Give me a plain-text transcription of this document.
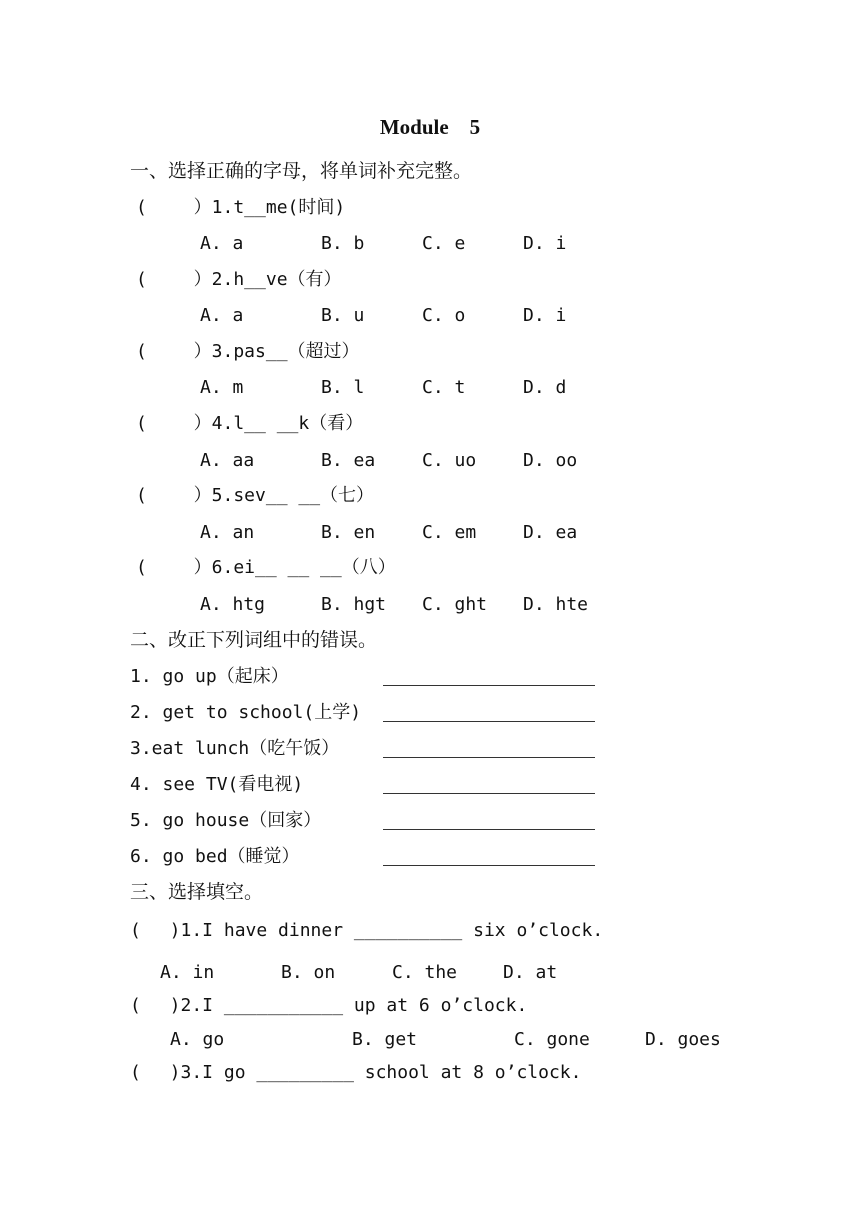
Module　5
一、选择正确的字母，将单词补充完整。
(　　 ）1.t__me(时间)
A. a	B. b	C. e	D. i
(　　 ）2.h__ve（有）
A. a	B. u	C. o	D. i
(　　 ）3.pas__（超过）
A. m	B. l	C. t	D. d
(　　 ）4.l__ __k（看）
A. aa	B. ea	C. uo	D. oo
(　　 ）5.sev__ __（七）
A. an	B. en	C. em	D. ea
(　　 ）6.ei__ __ __（八）
A. htg	B. hgt C. ght D. hte
二、改正下列词组中的错误。
1. go up（起床）
2. get to school(上学)
3.eat lunch（吃午饭）
4. see TV(看电视)
5. go house（回家）
6. go bed（睡觉）
三、选择填空。
(　 )1.I have dinner __________ six o’clock.
A. in	B. on	C. the	D. at
(　 )2.I ___________ up at 6 o’clock.
A. go	B. get	C. gone	D. goes
(　 )3.I go _________ school at 8 o’clock.
